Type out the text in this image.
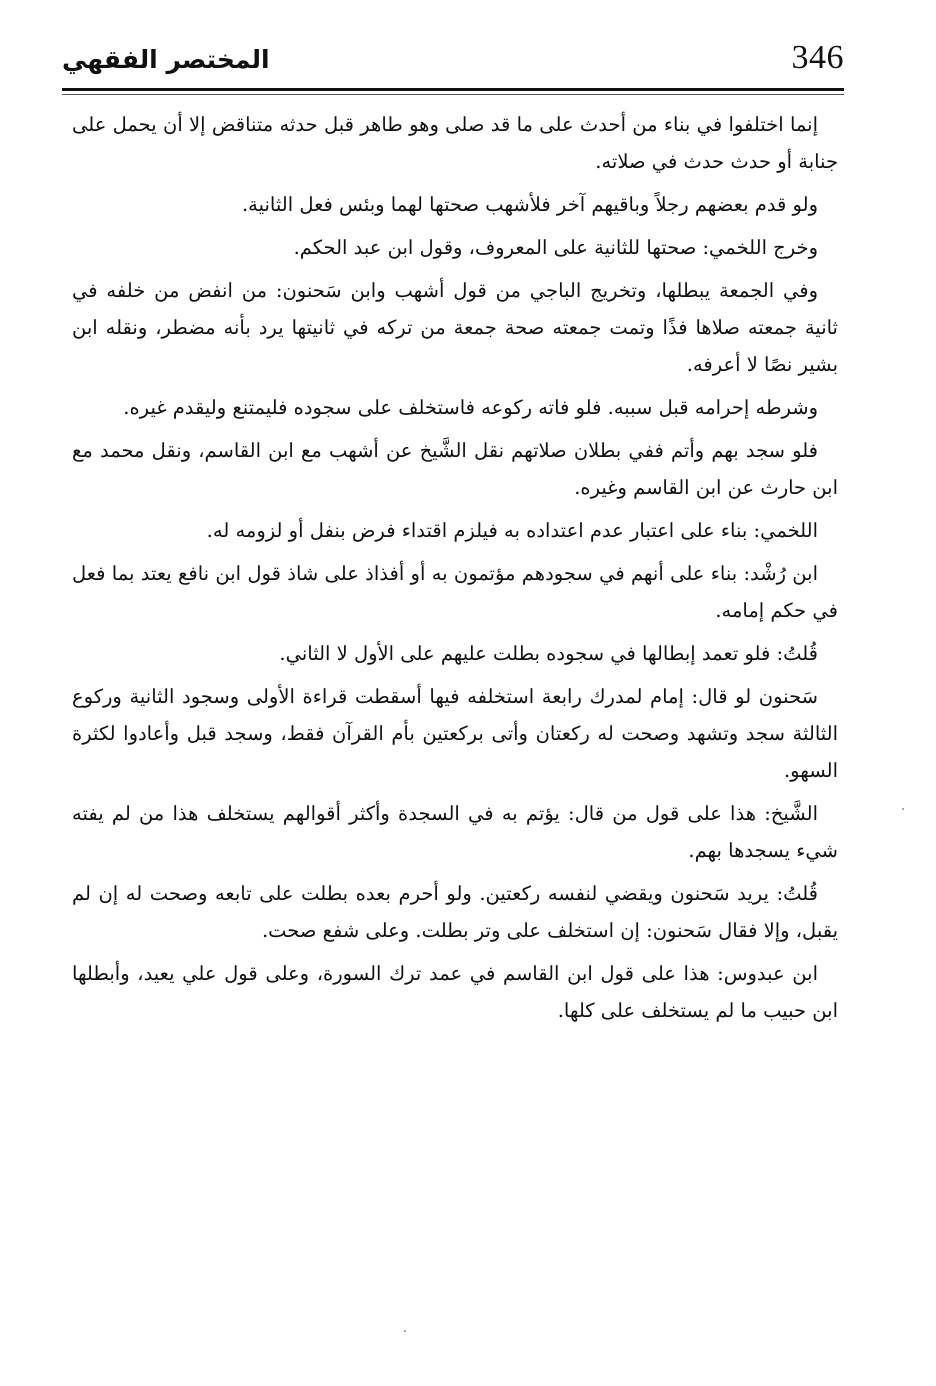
346
المختصر الفقهي

إنما اختلفوا في بناء من أحدث على ما قد صلى وهو طاهر قبل حدثه متناقض إلا أن يحمل على جنابة أو حدث حدث في صلاته.

ولو قدم بعضهم رجلاً وباقيهم آخر فلأشهب صحتها لهما وبئس فعل الثانية.

وخرج اللخمي: صحتها للثانية على المعروف، وقول ابن عبد الحكم.

وفي الجمعة يبطلها، وتخريج الباجي من قول أشهب وابن سَحنون: من انفض من خلفه في ثانية جمعته صلاها فذًا وتمت جمعته صحة جمعة من تركه في ثانيتها يرد بأنه مضطر، ونقله ابن بشير نصًا لا أعرفه.

وشرطه إحرامه قبل سببه. فلو فاته ركوعه فاستخلف على سجوده فليمتنع وليقدم غيره.

فلو سجد بهم وأتم ففي بطلان صلاتهم نقل الشَّيخ عن أشهب مع ابن القاسم، ونقل محمد مع ابن حارث عن ابن القاسم وغيره.

اللخمي: بناء على اعتبار عدم اعتداده به فيلزم اقتداء فرض بنفل أو لزومه له.

ابن رُشْد: بناء على أنهم في سجودهم مؤتمون به أو أفذاذ على شاذ قول ابن نافع يعتد بما فعل في حكم إمامه.

قُلتُ: فلو تعمد إبطالها في سجوده بطلت عليهم على الأول لا الثاني.

سَحنون لو قال: إمام لمدرك رابعة استخلفه فيها أسقطت قراءة الأولى وسجود الثانية وركوع الثالثة سجد وتشهد وصحت له ركعتان وأتى بركعتين بأم القرآن فقط، وسجد قبل وأعادوا لكثرة السهو.

الشَّيخ: هذا على قول من قال: يؤتم به في السجدة وأكثر أقوالهم يستخلف هذا من لم يفته شيء يسجدها بهم.

قُلتُ: يريد سَحنون ويقضي لنفسه ركعتين. ولو أحرم بعده بطلت على تابعه وصحت له إن لم يقبل، وإلا فقال سَحنون: إن استخلف على وتر بطلت. وعلى شفع صحت.

ابن عبدوس: هذا على قول ابن القاسم في عمد ترك السورة، وعلى قول علي يعيد، وأبطلها ابن حبيب ما لم يستخلف على كلها.
